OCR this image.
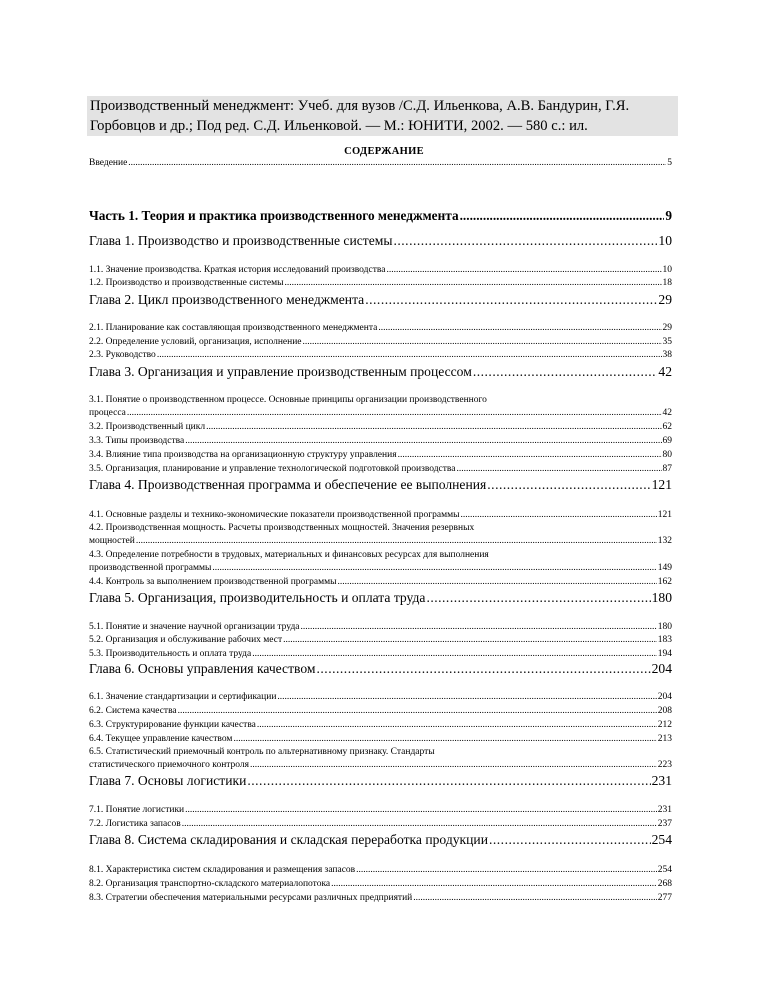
Производственный менеджмент: Учеб. для вузов /С.Д. Ильенкова, А.В. Бандурин, Г.Я. Горбовцов и др.; Под ред. С.Д. Ильенковой. — М.: ЮНИТИ, 2002. — 580 с.: ил.
СОДЕРЖАНИЕ
Введение .....	5
Часть 1. Теория и практика производственного менеджмента .....	9
Глава 1. Производство и производственные системы .....	10
1.1. Значение производства. Краткая история исследований производства .....	10
1.2. Производство и производственные системы .....	18
Глава 2. Цикл производственного менеджмента .....	29
2.1. Планирование как составляющая производственного менеджмента .....	29
2.2. Определение условий, организация, исполнение .....	35
2.3. Руководство .....	38
Глава 3. Организация и управление производственным процессом .....	42
3.1. Понятие о производственном процессе. Основные принципы организации производственного
процесса .....	42
3.2. Производственный цикл .....	62
3.3. Типы производства .....	69
3.4. Влияние типа производства на организационную структуру управления .....	80
3.5. Организация, планирование и управление технологической подготовкой производства .....	87
Глава 4. Производственная программа и обеспечение ее выполнения .....	121
4.1. Основные разделы и технико-экономические показатели производственной программы .....	121
4.2. Производственная мощность. Расчеты производственных мощностей. Значения резервных
мощностей .....	132
4.3. Определение потребности в трудовых, материальных и финансовых ресурсах для выполнения
производственной программы .....	149
4.4. Контроль за выполнением производственной программы .....	162
Глава 5. Организация, производительность и оплата труда .....	180
5.1. Понятие и значение научной организации труда .....	180
5.2. Организация и обслуживание рабочих мест .....	183
5.3. Производительность и оплата труда .....	194
Глава 6. Основы управления качеством .....	204
6.1. Значение стандартизации и сертификации .....	204
6.2. Система качества .....	208
6.3. Структурирование функции качества .....	212
6.4. Текущее управление качеством .....	213
6.5. Статистический приемочный контроль по альтернативному признаку. Стандарты
статистического приемочного контроля .....	223
Глава 7. Основы логистики .....	231
7.1. Понятие логистики .....	231
7.2. Логистика запасов .....	237
Глава 8. Система складирования и складская переработка продукции .....	254
8.1. Характеристика систем складирования и размещения запасов .....	254
8.2. Организация транспортно-складского материалопотока .....	268
8.3. Стратегии обеспечения материальными ресурсами различных предприятий .....	277
